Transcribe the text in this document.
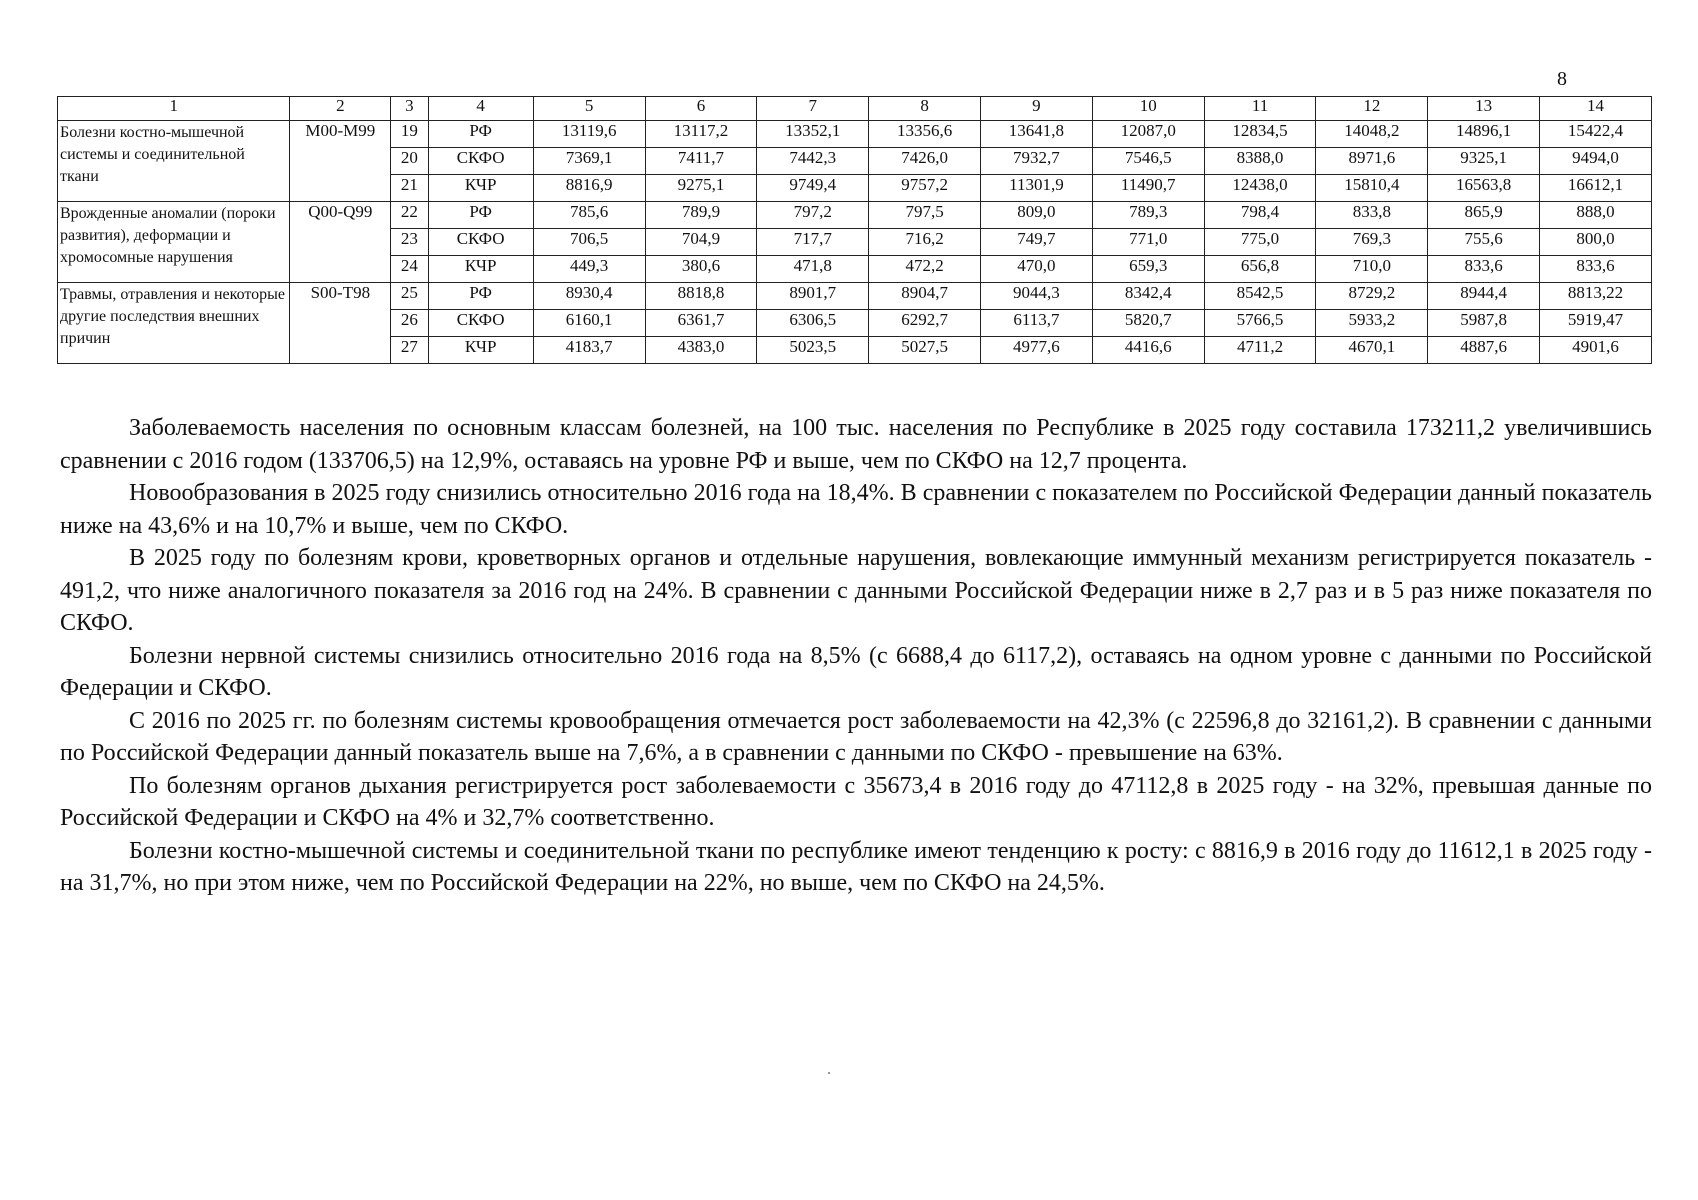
8
1	2	3	4	5	6	7	8	9	10	11	12	13	14
Болезни костно-мышечной системы и соединительной ткани	M00-M99	19	РФ	13119,6	13117,2	13352,1	13356,6	13641,8	12087,0	12834,5	14048,2	14896,1	15422,4
		20	СКФО	7369,1	7411,7	7442,3	7426,0	7932,7	7546,5	8388,0	8971,6	9325,1	9494,0
		21	КЧР	8816,9	9275,1	9749,4	9757,2	11301,9	11490,7	12438,0	15810,4	16563,8	16612,1
Врожденные аномалии (пороки развития), деформации и хромосомные нарушения	Q00-Q99	22	РФ	785,6	789,9	797,2	797,5	809,0	789,3	798,4	833,8	865,9	888,0
		23	СКФО	706,5	704,9	717,7	716,2	749,7	771,0	775,0	769,3	755,6	800,0
		24	КЧР	449,3	380,6	471,8	472,2	470,0	659,3	656,8	710,0	833,6	833,6
Травмы, отравления и некоторые другие последствия внешних причин	S00-T98	25	РФ	8930,4	8818,8	8901,7	8904,7	9044,3	8342,4	8542,5	8729,2	8944,4	8813,22
		26	СКФО	6160,1	6361,7	6306,5	6292,7	6113,7	5820,7	5766,5	5933,2	5987,8	5919,47
		27	КЧР	4183,7	4383,0	5023,5	5027,5	4977,6	4416,6	4711,2	4670,1	4887,6	4901,6

Заболеваемость населения по основным классам болезней, на 100 тыс. населения по Республике в 2025 году составила 173211,2 увеличившись сравнении с 2016 годом (133706,5) на 12,9%, оставаясь на уровне РФ и выше, чем по СКФО на 12,7 процента.

Новообразования в 2025 году снизились относительно 2016 года на 18,4%. В сравнении с показателем по Российской Федерации данный показатель ниже на 43,6% и на 10,7% и выше, чем по СКФО.

В 2025 году по болезням крови, кроветворных органов и отдельные нарушения, вовлекающие иммунный механизм регистрируется показатель - 491,2, что ниже аналогичного показателя за 2016 год на 24%. В сравнении с данными Российской Федерации ниже в 2,7 раз и в 5 раз ниже показателя по СКФО.

Болезни нервной системы снизились относительно 2016 года на 8,5% (с 6688,4 до 6117,2), оставаясь на одном уровне с данными по Российской Федерации и СКФО.

С 2016 по 2025 гг. по болезням системы кровообращения отмечается рост заболеваемости на 42,3% (с 22596,8 до 32161,2). В сравнении с данными по Российской Федерации данный показатель выше на 7,6%, а в сравнении с данными по СКФО - превышение на 63%.

По болезням органов дыхания регистрируется рост заболеваемости с 35673,4 в 2016 году до 47112,8 в 2025 году - на 32%, превышая данные по Российской Федерации и СКФО на 4% и 32,7% соответственно.

Болезни костно-мышечной системы и соединительной ткани по республике имеют тенденцию к росту: с 8816,9 в 2016 году до 11612,1 в 2025 году - на 31,7%, но при этом ниже, чем по Российской Федерации на 22%, но выше, чем по СКФО на 24,5%.
